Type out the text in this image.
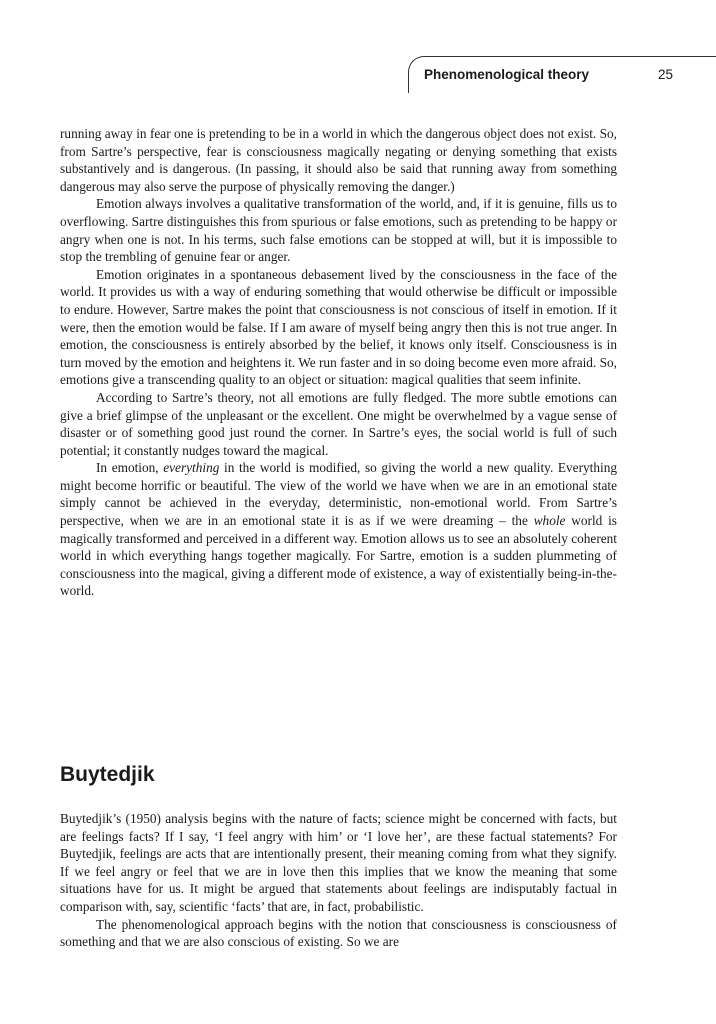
Phenomenological theory	25

running away in fear one is pretending to be in a world in which the dangerous object does not exist. So, from Sartre’s perspective, fear is consciousness magically negating or denying something that exists substantively and is dangerous. (In passing, it should also be said that running away from something dangerous may also serve the purpose of physically removing the danger.)

Emotion always involves a qualitative transformation of the world, and, if it is genuine, fills us to overflowing. Sartre distinguishes this from spurious or false emotions, such as pretending to be happy or angry when one is not. In his terms, such false emotions can be stopped at will, but it is impossible to stop the trembling of genuine fear or anger.

Emotion originates in a spontaneous debasement lived by the consciousness in the face of the world. It provides us with a way of enduring something that would otherwise be difficult or impossible to endure. However, Sartre makes the point that consciousness is not conscious of itself in emotion. If it were, then the emotion would be false. If I am aware of myself being angry then this is not true anger. In emotion, the consciousness is entirely absorbed by the belief, it knows only itself. Consciousness is in turn moved by the emotion and heightens it. We run faster and in so doing become even more afraid. So, emotions give a transcending quality to an object or situation: magical qualities that seem infinite.

According to Sartre’s theory, not all emotions are fully fledged. The more subtle emotions can give a brief glimpse of the unpleasant or the excellent. One might be overwhelmed by a vague sense of disaster or of something good just round the corner. In Sartre’s eyes, the social world is full of such potential; it constantly nudges toward the magical.

In emotion, everything in the world is modified, so giving the world a new quality. Everything might become horrific or beautiful. The view of the world we have when we are in an emotional state simply cannot be achieved in the everyday, deterministic, non-emotional world. From Sartre’s perspective, when we are in an emotional state it is as if we were dreaming – the whole world is magically transformed and perceived in a different way. Emotion allows us to see an absolutely coherent world in which everything hangs together magically. For Sartre, emotion is a sudden plummeting of consciousness into the magical, giving a different mode of existence, a way of existentially being-in-the-world.

Buytedjik

Buytedjik’s (1950) analysis begins with the nature of facts; science might be concerned with facts, but are feelings facts? If I say, ‘I feel angry with him’ or ‘I love her’, are these factual statements? For Buytedjik, feelings are acts that are intentionally present, their meaning coming from what they signify. If we feel angry or feel that we are in love then this implies that we know the meaning that some situations have for us. It might be argued that statements about feelings are indisputably factual in comparison with, say, scientific ‘facts’ that are, in fact, probabilistic.

The phenomenological approach begins with the notion that consciousness is consciousness of something and that we are also conscious of existing. So we are
